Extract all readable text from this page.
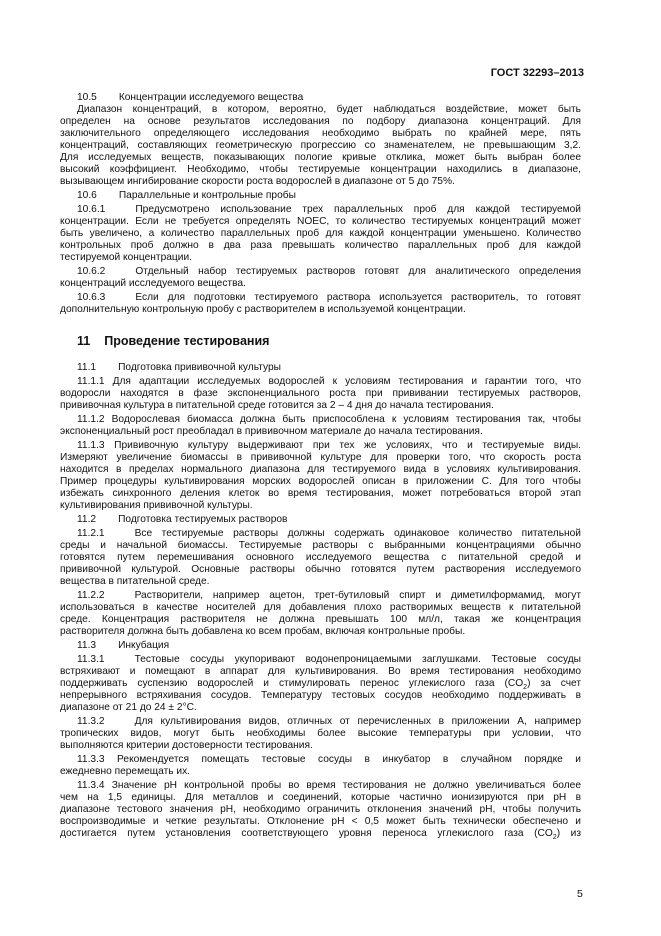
ГОСТ 32293–2013
10.5 Концентрации исследуемого вещества
Диапазон концентраций, в котором, вероятно, будет наблюдаться воздействие, может быть
определен на основе результатов исследования по подбору диапазона концентраций. Для
заключительного определяющего исследования необходимо выбрать по крайней мере, пять
концентраций, составляющих геометрическую прогрессию со знаменателем, не превышающим 3,2.
Для исследуемых веществ, показывающих пологие кривые отклика, может быть выбран более
высокий коэффициент. Необходимо, чтобы тестируемые концентрации находились в диапазоне,
вызывающем ингибирование скорости роста водорослей в диапазоне от 5 до 75%.
10.6 Параллельные и контрольные пробы
10.6.1	Предусмотрено использование трех параллельных проб для каждой тестируемой
концентрации. Если не требуется определять NOEC, то количество тестируемых концентраций может
быть увеличено, а количество параллельных проб для каждой концентрации уменьшено. Количество
контрольных проб должно в два раза превышать количество параллельных проб для каждой
тестируемой концентрации.
10.6.2	Отдельный набор тестируемых растворов готовят для аналитического определения
концентраций исследуемого вещества.
10.6.3	Если для подготовки тестируемого раствора используется растворитель, то готовят
дополнительную контрольную пробу с растворителем в используемой концентрации.
11 Проведение тестирования
11.1 Подготовка прививочной культуры
11.1.1 Для адаптации исследуемых водорослей к условиям тестирования и гарантии того, что
водоросли находятся в фазе экспоненциального роста при прививании тестируемых растворов,
прививочная культура в питательной среде готовится за 2 – 4 дня до начала тестирования.
11.1.2 Водорослевая биомасса должна быть приспособлена к условиям тестирования так, чтобы
экспоненциальный рост преобладал в прививочном материале до начала тестирования.
11.1.3 Прививочную культуру выдерживают при тех же условиях, что и тестируемые виды.
Измеряют увеличение биомассы в прививочной культуре для проверки того, что скорость роста
находится в пределах нормального диапазона для тестируемого вида в условиях культивирования.
Пример процедуры культивирования морских водорослей описан в приложении С. Для того чтобы
избежать синхронного деления клеток во время тестирования, может потребоваться второй этап
культивирования прививочной культуры.
11.2 Подготовка тестируемых растворов
11.2.1	Все тестируемые растворы должны содержать одинаковое количество питательной
среды и начальной биомассы. Тестируемые растворы с выбранными концентрациями обычно
готовятся путем перемешивания основного исследуемого вещества с питательной средой и
прививочной культурой. Основные растворы обычно готовятся путем растворения исследуемого
вещества в питательной среде.
11.2.2	Растворители, например ацетон, трет-бутиловый спирт и диметилформамид, могут
использоваться в качестве носителей для добавления плохо растворимых веществ к питательной
среде. Концентрация растворителя не должна превышать 100 мл/л, такая же концентрация
растворителя должна быть добавлена ко всем пробам, включая контрольные пробы.
11.3 Инкубация
11.3.1	Тестовые сосуды укупоривают водонепроницаемыми заглушками. Тестовые сосуды
встряхивают и помещают в аппарат для культивирования. Во время тестирования необходимо
поддерживать суспензию водорослей и стимулировать перенос углекислого газа $(CO_2)$ за счет
непрерывного встряхивания сосудов. Температуру тестовых сосудов необходимо поддерживать в
диапазоне от 21 до 24 ± 2°С.
11.3.2	Для культивирования видов, отличных от перечисленных в приложении А, например
тропических видов, могут быть необходимы более высокие температуры при условии, что
выполняются критерии достоверности тестирования.
11.3.3 Рекомендуется помещать тестовые сосуды в инкубатор в случайном порядке и
ежедневно перемещать их.
11.3.4 Значение рН контрольной пробы во время тестирования не должно увеличиваться более
чем на 1,5 единицы. Для металлов и соединений, которые частично ионизируются при рН в
диапазоне тестового значения рН, необходимо ограничить отклонения значений рН, чтобы получить
воспроизводимые и четкие результаты. Отклонение рН < 0,5 может быть технически обеспечено и
достигается путем установления соответствующего уровня переноса углекислого газа $(CO_2)$ из
5
